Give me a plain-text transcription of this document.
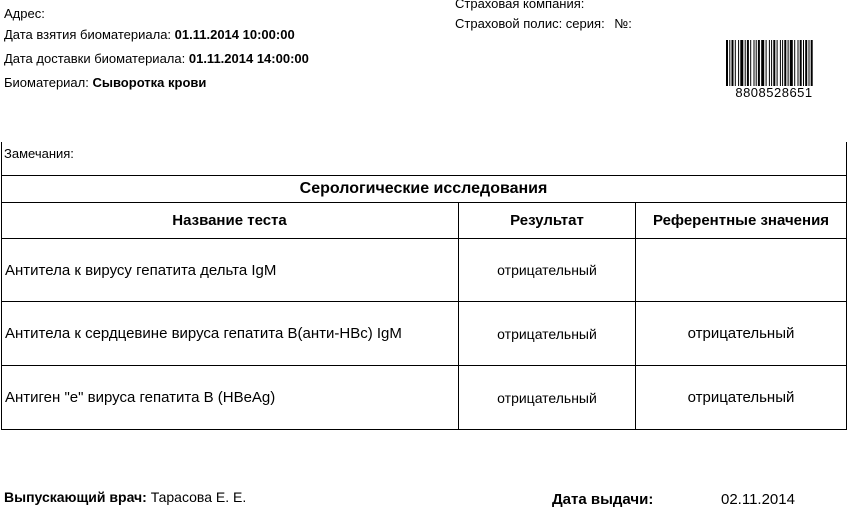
Адрес:
Дата взятия биоматериала: 01.11.2014 10:00:00
Дата доставки биоматериала: 01.11.2014 14:00:00
Биоматериал: Сыворотка крови
Страховая компания:
Страховой полис: серия: №:
8808528651
Замечания:
Серологические исследования
Название теста	Результат	Референтные значения
Антитела к вирусу гепатита дельта IgM	отрицательный
Антитела к сердцевине вируса гепатита В(анти-HBc) IgM	отрицательный	отрицательный
Антиген "e" вируса гепатита В (HBeAg)	отрицательный	отрицательный
Выпускающий врач: Тарасова Е. Е.	Дата выдачи:	02.11.2014
